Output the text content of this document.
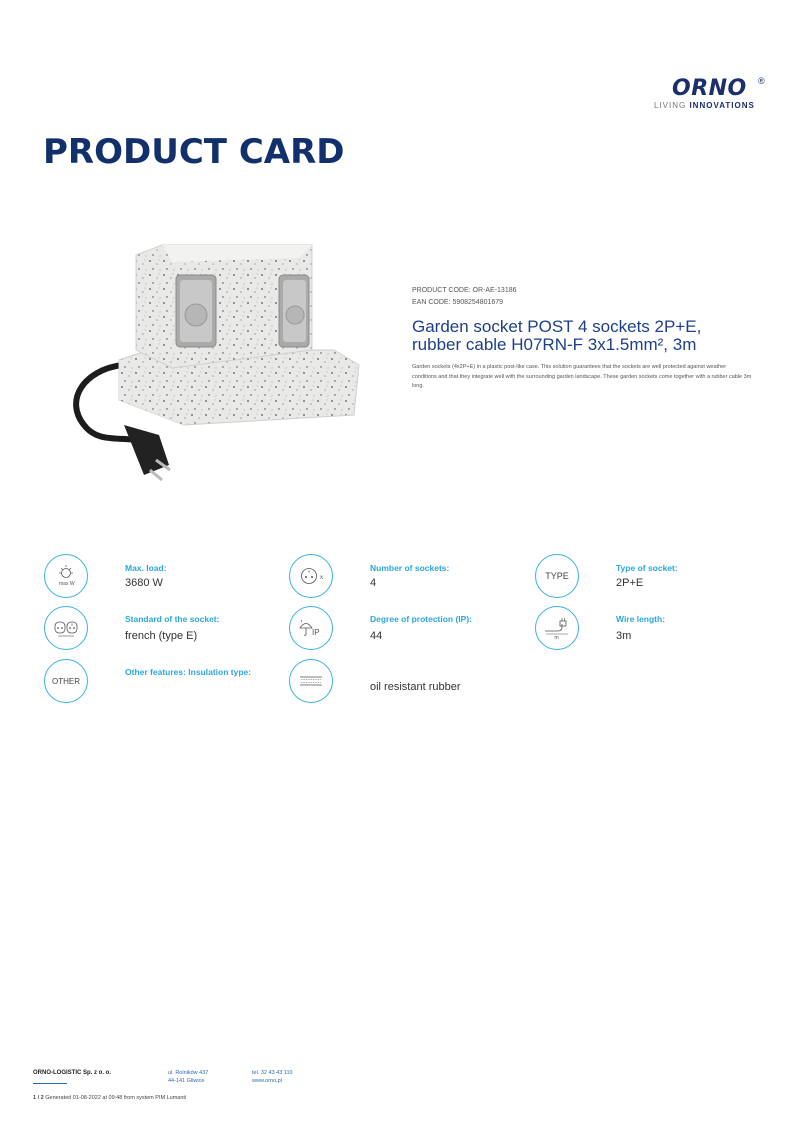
ORNO ®
LIVING INNOVATIONS
PRODUCT CARD
PRODUCT CODE: OR-AE-13186
EAN CODE: 5908254801679
Garden socket POST 4 sockets 2P+E, rubber cable H07RN-F 3x1.5mm², 3m
Garden sockets (4x2P+E) in a plastic post-like case. This solution guarantees that the sockets are well protected against weather conditions and that they integrate well with the surrounding garden landscape. These garden sockets come together with a rubber cable 3m long.
max W
Max. load:
3680 W
Standard of the socket:
french (type E)
OTHER
Other features: Insulation type:
x
Number of sockets:
4
IP
Degree of protection (IP):
44
oil resistant rubber
TYPE
Type of socket:
2P+E
m
Wire length:
3m
ORNO-LOGISTIC Sp. z o. o.	ul. Rolników 437
44-141 Gliwice
tel. 32 43 43 110
www.orno.pl
1 / 2 Generated 01-08-2022 at 09:48 from system PIM Lumanti
